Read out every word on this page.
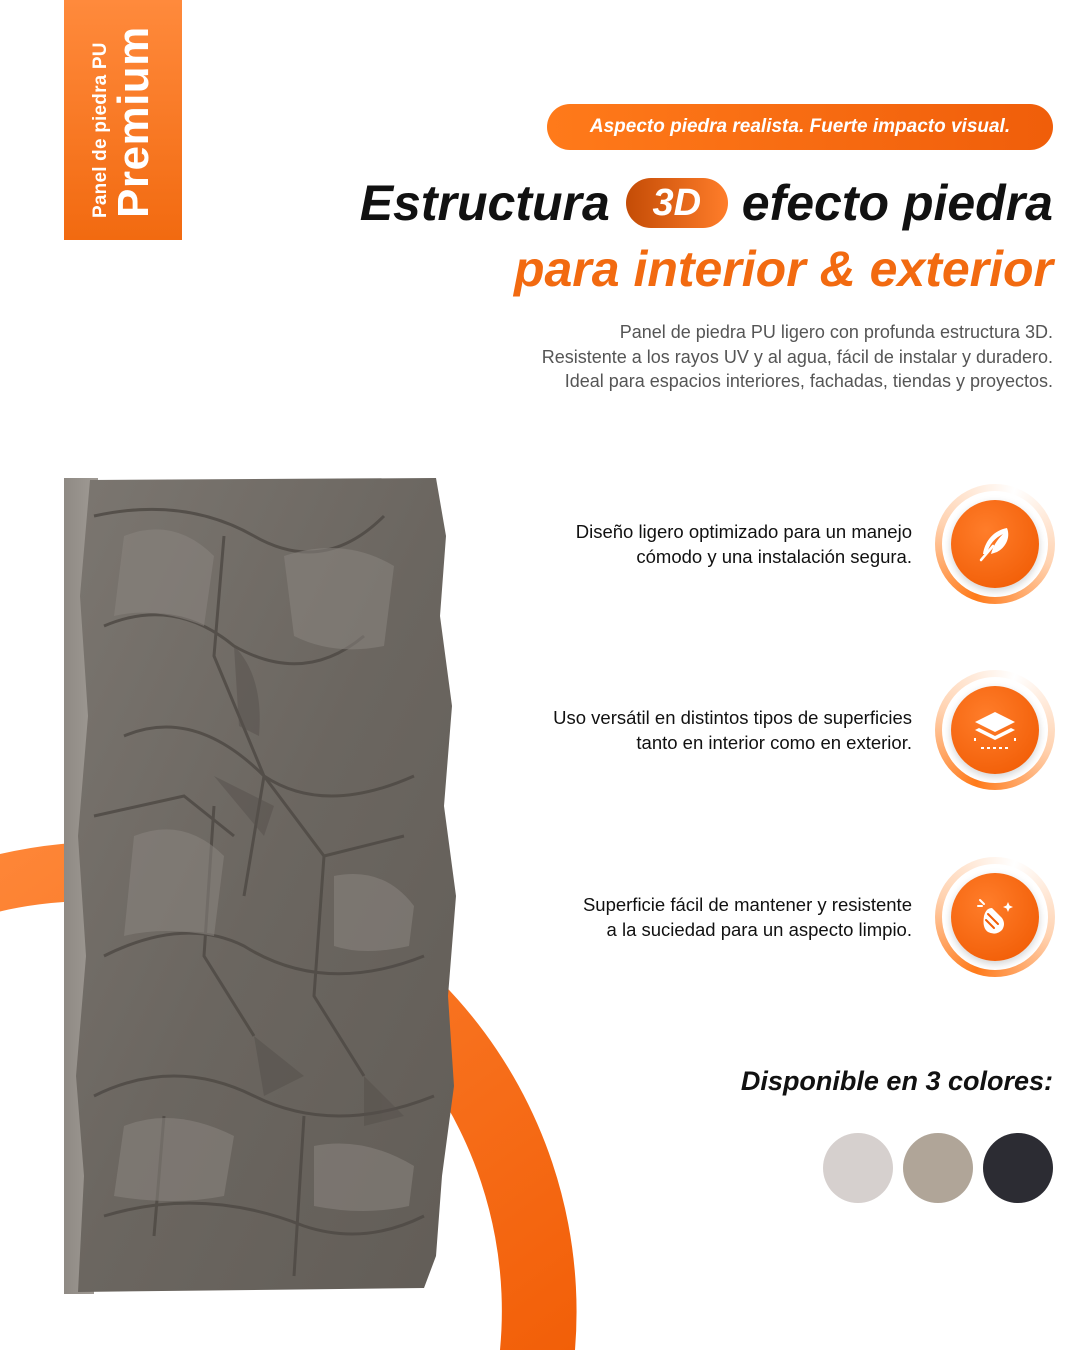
Panel de piedra PU
Premium	Aspecto piedra realista. Fuerte impacto visual.
Estructura	3D efecto piedra
para interior & exterior
Panel de piedra PU ligero con profunda estructura 3D.
Resistente a los rayos UV y al agua, fácil de instalar y duradero.
Ideal para espacios interiores, fachadas, tiendas y proyectos.
Diseño ligero optimizado para un manejo
cómodo y una instalación segura.
Uso versátil en distintos tipos de superficies
tanto en interior como en exterior.
Superficie fácil de mantener y resistente
a la suciedad para un aspecto limpio.
Disponible en 3 colores:
